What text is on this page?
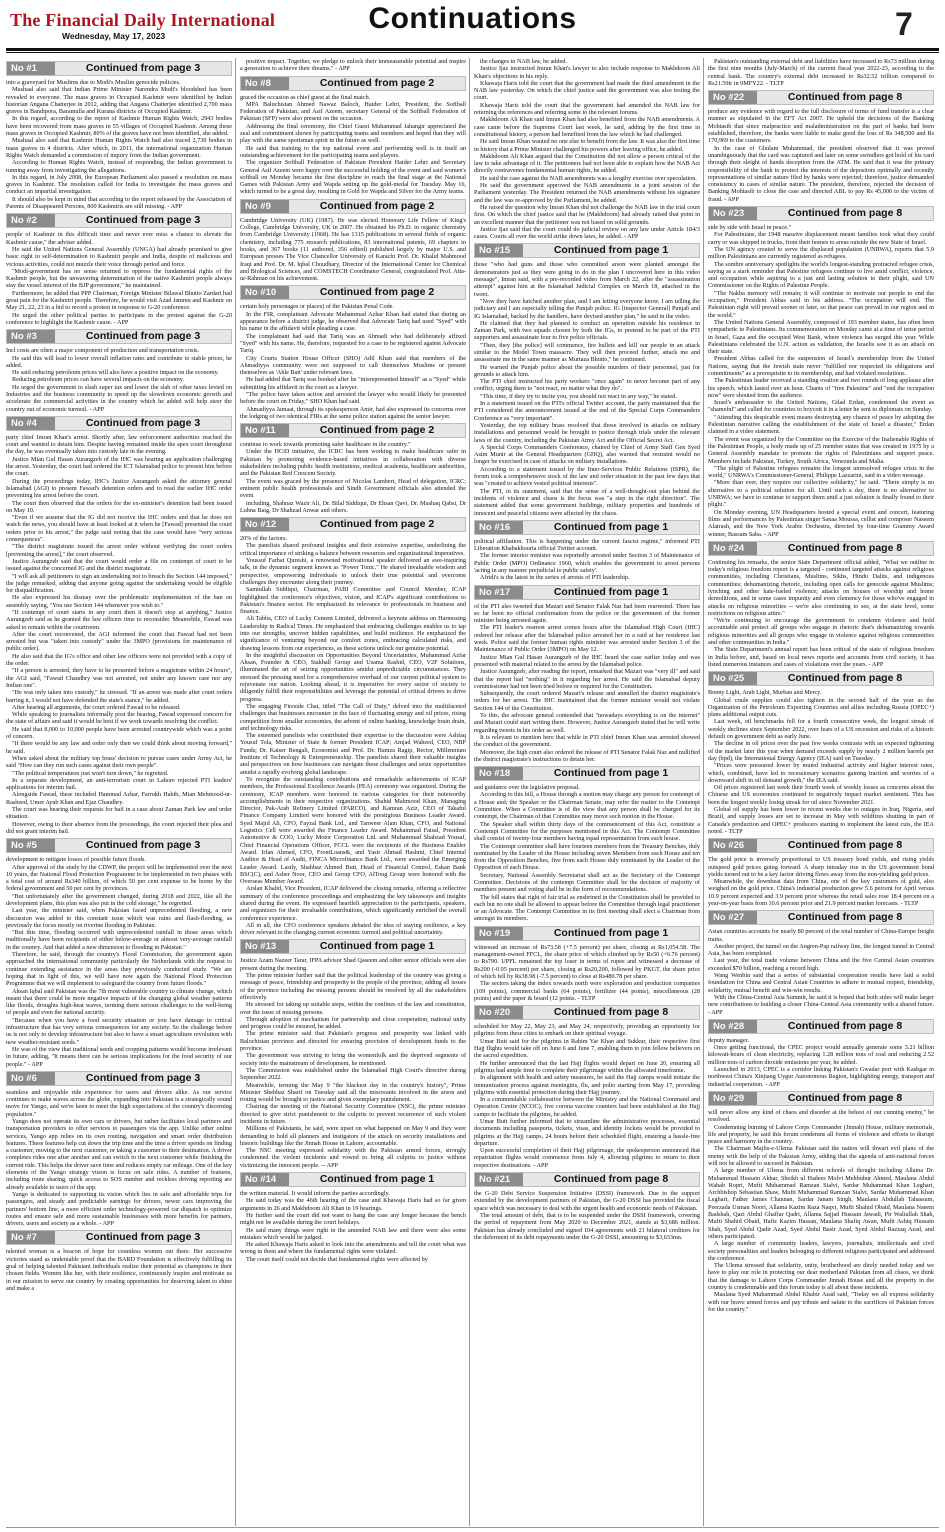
The Financial Daily International
Wednesday, May 17, 2023
Continuations	7
No #1	Continued from page 3

into a graveyard for Muslims due to Modi's Muslim genocide policies.

Mushaal also said that Indian Prime Minister Narendra Modi's bloodshed has been revealed to everyone. The mass graves in Occupied Kashmir were identified by Indian historian Angana Chatterjee in 2012, adding that Angana Chatterjee identified 2,700 mass graves in Bandipora, Baramulla and Kurana districts of Occupied Kashmir.

In this regard, according to the report of Kashmir Human Rights Watch, 2943 bodies have been recovered from mass graves in 55 villages of Occupied Kashmir. Among these mass graves in Occupied Kashmir, 80% of the graves have not been identified, she added.

Mushaal also said that Kashmir Human Rights Watch had also traced 2,730 bodies in mass graves in 4 districts. After which, in 2011, the international organization Human Rights Watch demanded a commission of inquiry from the Indian government.

According to Human Rights Watch, instead of responding, the Indian government is running away from investigating the allegations.

In this regard, in July 2008, the European Parliament also passed a resolution on mass graves in Kashmir. The resolution called for India to investigate the mass graves and conduct an impartial investigation.

It should also be kept in mind that according to the report released by the Association of Parents of Disappeared Persons, 800 Kashmiris are still missing. - APP

No #2	Continued from page 3

people of Kashmir in this difficult time and never ever miss a chance to elevate the Kashmir cause," the adviser added.

He said the United Nations General Assembly (UNGA) had already promised to give basic right to self-determination to Kashmiri people and India, despite of malicious and vicious activities, could not muzzle their voice through period and force.

"Modi-government has no sense returned to oppress the fundamental rights of the Kashmir people, but the unwavering determination of the native Kashmiri people always stay the vessel interest of the BJP government," he maintained.

Furthermore, he added that PPP Chairman, Foreign Minister Bilawal Bhutto Zardari had great pain for the Kashmiri people. Therefore, he would visit Azad Jammu and Kashmir on May 21, 22, 23 in a bid to record a protest in response to G-20 conference.

He urged the other political parties to participate in the protest against the G-20 conference to highlight the Kashmir cause. - APP

No #3	Continued from page 3

Incl costs are often a major component of production and transportation costs.

He said this will lead to lower overall inflation rates and contribute to stable prices, he added.

He said reducing petroleum prices will also have a positive impact on the economy.

Reducing petroleum prices can have several impacts on the economy.

He urged the government to slash super tax and lower the slab of other taxes levied on Industries and the business community to speed up the slowdown economic growth and accelerate the commercial activities in the country which he added will help steer the country out of economic turmoil. - APP

No #4	Continued from page 3

party chief Imran Khan's arrest. Shortly after, law enforcement authorities reached the court and wanted to detain him. Despite having remained inside the apex court throughout the day, he was eventually taken into custody late in the evening.

Justice Mian Gul Hasan Aurangzeb of the IHC was hearing an application challenging the arrest. Yesterday, the court had ordered the ICT Islamabad police to present him before the court.

During the proceedings today, IHC's Justice Aurangzeb asked the attorney general Islamabad (AGI) to present Fawad's detention orders and to read the earlier IHC order preventing his arrest before the court.

The court then observed that the orders for the ex-minister's detention had been issued on May 10.

"Even if we assume that the IG did not receive the IHC orders and that he does not watch the news, you should have at least looked at it when he [Fawad] presented the court orders prior to his arrest," the judge said noting that the case would have "very serious consequences".

"The district magistrate issued the arrest order without verifying the court orders [preventing the arrest]," the court observed.

Justice Aurangzeb said that the court would order a file on contempt of court to be issued against the concerned IG and the district magistrate.

"I will ask all petitioners to sign an undertaking not to breach the Section 144 imposed," the judge remarked, adding that anyone going against the undertaking would be eligible for disqualification.

He also expressed his dismay over the problematic implementation of the ban on assembly saying, "You use Section 144 whenever you wish to."

"If contempt of court starts in any court then it doesn't stop at anything," Justice Aurangzeb said as he granted the law officers time to reconsider. Meanwhile, Fawad was asked to remain within the courtroom.

After the court reconvened, the AGI informed the court that Fawad had not been arrested but was "taken into custody" under the 3MPO (provisions for maintenance of public order).

He also said that the IG's office and other law officers were not provided with a copy of the order.

"If a person is arrested, they have to be presented before a magistrate within 24 hours", the AGI said, "Fawad Chaudhry was not arrested, not under any known case nor any Indian one".

"He was only taken into custody," he stressed. "If an arrest was made after court orders barring it, I would not have defended the state's stance," he added.

After hearing all arguments, the court ordered Fawad to be released.

While speaking to journalists informally post the hearing, Fawad expressed concern for the state of affairs and said it would be best if we work towards resolving the conflict.

He said that 8,000 to 10,000 people have been arrested countrywide which was a point of concern.

"If there would be any law and order only then we could think about moving forward," he said.

When asked about the military top brass' decision to pursue cases under Army Act, he said "How can they run such cases against their own people".

"The political temperatures just won't turn down," he regretted.

In a separate development, an anti-terrorism court in Lahore rejected PTI leaders' applications for interim bail.

Alongside Fawad, these included Hammad Azhar, Farrukh Habib, Mian Mehmood-ur-Rasheed, Umer Ayub Khan and Ejaz Chaudhry.

The court was hearing their requests for bail in a case about Zaman Park law and order situation.

However, owing to their absence from the proceedings, the court rejected their plea and did not grant interim bail.

No #5	Continued from page 3

development to mitigate losses of possible future floods.

After approval of the study by the CDWP, the project will be implemented over the next 10 years, the National Flood Protection Programme to be implemented in two phases with a total cost of around Rs340 billion, of which 50 per cent expense to be borne by the federal government and 50 per cent by provinces.

"But unfortunately after the government changed, during 2018 and 2022, like all the development plans, this plan was also put in the cold storage," he regretted.

Last year, the minister said, when Pakistan faced unprecedented flooding, a new discussion was added to this constant issue which was rains and flash-flooding, as previously the focus mostly on riverine flooding in Pakistan.

"But this time, flooding occurred with unprecedented rainfall in those areas which traditionally have been recipients of either below-average or almost very-average rainfall in the country. And that added a new dimension to flooding in Pakistan."

Therefore, he said, through the country's Flood Commission, the government again approached the international community particularly the Netherlands with the request to continue extending assistance in the areas they previously conducted study. "We are hoping that in light of this, we will have now again the National Flood Protection Programme that we will implement to safeguard the country from future floods."

Ahsan Iqbal said Pakistan was the 7th most vulnerable country to climate change, which meant that there could be more negative impacts of the changing global weather patterns like floods, droughts high-heat waves, terming them serious challenges to the well-being of people and even the national security.

"Because when you have a food security situation or you have damage to critical infrastructure that has very serious consequences for any society. So the challenge before us is not only to develop infrastructure but also to have a smart agriculture revolution with new weather-resistant seeds."

He was of the view that traditional seeds and cropping patterns would become irrelevant in future, adding, "It means there can be serious implications for the food security of our people." - APP

No #6	Continued from page 3

seamless and enjoyable ride experience for users and drivers alike. As our service continues to make waves across the globe, expanding into Pakistan is a strategically sound move for Yango, and we're keen to meet the high expectations of the country's discerning population."

Yango does not operate its own cars or drivers, but rather facilitates local partners and transportation providers to offer services to passengers via the app. Unlike other online services, Yango app relies on its own routing, navigation and smart order distribution features. These features help cut down the trip time and the time a driver spends on finding a customer, moving to the next customer, or taking a customer to their destination. A driver completes rides one after another and can switch to the next customer while finishing the current ride. This helps the driver save time and reduces empty car mileage. One of the key elements of the Yango strategy vision is focus on safe rides. A number of features, including route sharing, quick access to SOS number and reckless driving reporting are already available to users of the app.

Yango is dedicated to supporting its vision which lies in safe and affordable trips for passengers, and steady and predictable earnings for drivers, newer cars improving the partners' bottom line, a more efficient order technology-powered car dispatch to optimize routes and ensure safe and more sustainable businesses with more benefits for partners, drivers, users and society as a whole. - APP

No #7	Continued from page 3

talented woman is a beacon of hope for countless women out there. Her successive victories stand as undeniable proof that the BARD Foundation is effectively fulfilling its goal of helping talented Pakistani individuals realize their potential as champions in their chosen fields. Women like her, with their resilience, continuously inspire and motivate us in our mission to serve our country by creating opportunities for deserving talent to shine and make a

positive impact. Together, we pledge to unlock their immeasurable potential and inspire a generation to achieve their dreams." - APP

No #8	Continued from page 2

graced the occasion as chief guest at the final match.

MPA Baluchistan Ahmed Nawaz Baloch, Haider Lehri, President, the Softball Federation of Pakistan, and Asif Azeem, secretary General of the Softball Federation of Pakistan (SFP) were also present on the occasion.

Addressing the final ceremony, the Chief Guest Muhammad Jahangir appreciated the zeal and commitment shown by participating teams and members and hoped that they will play with the same sportsman spirit in the future as well.

He said that training to the top national event and performing well is in itself an outstanding achievement for the participating teams and players.

The organizer Softball Federation of Pakistan President Haider Lehri and Secretary General Asif Azeem were happy over the successful holding of the event and said women's softball on Monday became the first discipline to reach the final stage at the National Games with Pakistan Army and Wapda setting up the gold-medal for Tuesday. May 16, which turned to be a great day, resulting in Gold for Wapda and Silver for the Army teams.

No #9	Continued from page 2

Cambridge University (UK) (1987). He was elected Honorary Life Fellow of King's College, Cambridge University, UK in 2007. He obtained his Ph.D. in organic chemistry from Cambridge University (1968). He has 1315 publications in several fields of organic chemistry, including 775 research publications, 83 international patents, 69 chapters in books, and 367 books (11 authored, 356 edited) published largely by major U.S. and European presses The Vice Chancellor University of Karachi Prof. Dr. Khalid Mahmood Iraqi and Prof. Dr. M. Iqbal Choudhary, Director of the International Center for Chemical and Biological Sciences, and COMSTECH Coordinator General, congratulated Prof. Atta-ur-Rahman on his achievement.

No #10	Continued from page 2

certain holy personages or places) of the Pakistan Penal Code.

In the FIR, complainant Advocate Muhammad Azhar Khan had stated that during an appearance before a district judge, he observed that Advocate Tariq had used "Syed" with his name in the affidavit while pleading a case.

The complainant had said that Tariq was an Ahmadi who had deliberately affixed "Syed" with his name. He, therefore, requested for a case to be registered against Advocate Tariq.

City Courts Station House Officer (SHO) Adil Khan said that members of the Ahmadiyya community were not supposed to call themselves Muslims or present themselves as 'Ahle Bait' under relevant laws.

He had added that Tariq was booked after he "misrepresented himself" as a "Syed" while submitting his affidavit in the court as a lawyer.

"The police have taken action and arrested the lawyer who would likely be presented before the court on Friday," SHO Khan had said.

Ahmadiyya Jamaat, through its spokesperson Amir, had also expressed its concerns over the lodging of two identical FIRs at the same police station against the senior lawyer.

No #11	Continued from page 2

continue to work towards promoting safer healthcare in the country."

Under the HCiD initiative, the ICRC has been working to make healthcare safer in Pakistan by promoting evidence-based initiatives in collaboration with diverse stakeholders including public health institutions, medical academia, healthcare authorities, and the Pakistan Red Crescent Society.

The event was graced by the presence of Nicolas Lambert, Head of delegation, ICRC; eminent public health professionals and Sindh Government officials also attended the event

including, Shahnaz Wazir Ali, Dr. Bilal Siddiqui, Dr Ehsan Qavi, Dr. Mushaq Qabsi, Dr Lubna Baig, Dr Shahzad Anwar and others.

No #12	Continued from page 2

20% of the factors.

The panelists shared profound insights and their extensive expertise, underlining the critical importance of striking a balance between resources and organizational imperatives.

Youssuf Farhat Qureshi, a renowned motivational speaker delivered an awe-inspiring talk, in the dynamic segment known as "Power Tonic." He shared invaluable wisdom and perspective, empowering individuals to unlock their true potential and overcome challenges they encounter along their journey.

Samiullah Siddiqui, Chairman, PABI Committee and Council Member, ICAP highlighted the conference's objectives, vision, and ICAP's significant contributions to Pakistan's finance sector. He emphasized its relevance to professionals in business and finance.

Ali Tabba, CEO of Lucky Cement Limited, delivered a keynote address on Harnessing Leadership in Radical Times. He emphasized that embracing challenges enables us to tap into our strengths, uncover hidden capabilities, and build resilience. He emphasized the significance of venturing beyond our comfort zones, embracing calculated risks, and drawing lessons from our experiences, as these actions unlock our genuine potential.

In the insightful discussion on Opportunities Beyond Uncertainties, Muhammad Azfar Ahsan, Founder & CEO, Stakhall Group and Usama Rashid, CEO, V2F Solutions, illuminated the art of seizing opportunities amidst unpredictable circumstances. They stressed the pressing need for a comprehensive overhaul of our current political system to rejuvenate our nation. Looking ahead, it is imperative for every sector of society to diligently fulfill their responsibilities and leverage the potential of critical drivers to drive progress.

The engaging Fireside Chat, titled "The Call of Duty," delved into the multifaceted challenges that businesses encounter in the face of fluctuating energy and oil prices, rising competition from smaller economies, the advent of online banking, knowledge brain drain, and technology risks.

The esteemed panelists who contributed their expertise to the discussion were Ashfaq Yousuf Tola, Minister of State & former President ICAP; Amjad Waheed, CEO, NBP Funds; Dr. Kaiser Bengali, Economist and Prof. Dr. Hamza Ragip, Rector, Millennium Institute of Technology & Entrepreneurship. The panelists shared their valuable insights and perspectives on how businesses can navigate these challenges and seize opportunities amidst a rapidly evolving global landscape.

To recognize the outstanding contributions and remarkable achievements of ICAP members, the Professional Excellence Awards (PEA) ceremony was organized. During the ceremony, ICAP members were honored in various categories for their noteworthy accomplishments in their respective organizations. Shahid Mahmood Khan, Managing Director, Pak-Arab Refinery Limited (PARCO), and Kamran Aziz, CEO of Takaful Finance Company Limited were honored with the prestigious Business Leader Award. Syed Majid Ali, CFO, Fayzal Bank Ltd., and Tanweer Alam Khan, CFO, and National Logistics Cell were awarded the Finance Leader Award. Muhammad Faisal, President Automotive & COO, Lucky Motor Corporation Ltd. and Muhammad Shahzad Yousaf, Chief Financial Operations Officer, FCCL were the recipients of the Business Enabler Award. Irfan Ahmed, CFO, FrontLoans&, and Yasir Ahmad Hashmi, Chief Internal Auditor & Head of Audit, FINCA Microfinance Bank Ltd., were awarded the Emerging Leader Award. Lastly, Shahbaz Ahmed Butt, Head of Financial Control, Eskan Bank BSC(C), and Asher Noor, CEO and Group CFO, AlToug Group were honored with the Overseas Member Award.

Arslan Khalid, Vice President, ICAP delivered the closing remarks, offering a reflective summary of the conference proceedings and emphasizing the key takeaways and insights shared during the event. He expressed heartfelt appreciation to the participants, speakers, and organizers for their invaluable contributions, which significantly enriched the overall conference experience.

All in all, the CFO conference speakers debated the idea of staying resilience, a key driver relevant to the changing current economic turmoil and political uncertainty.

No #13	Continued from page 1

Justice Azam Nazeer Tarar, IFPA advisor Shad Qaseem and other senior officials were also present during the meeting.

The prime minister further said that the political leadership of the country was giving a message of peace, friendship and prosperity to the people of the province, adding all issues of the province including the missing persons should be resolved by all the stakeholders effectively.

He stressed for taking up suitable steps, within the confines of the law and constitution, over the issue of missing persons.

Through adoption of mechanism for partnership and close cooperation, national unity and progress could be ensured, he added.

The prime minister said that Pakistan's progress and prosperity was linked with Balochistan province and directed for ensuring provision of development funds to the province.

The government was striving to bring the womenfolk and the deprived segments of society into the mainstream of development, he mentioned.

The Commission was established under the Islamabad High Court's directive during September 2022.

Meanwhile, terming the May 9 "the blackest day in the country's history", Prime Minister Shehbaz Sharif on Tuesday said all the miscreants involved in the arson and rioting would be brought to justice and given exemplary punishment.

Chairing the meeting of the National Security Committee (NSC), the prime minister directed to give strict punishment to the culprits to prevent recurrence of such violent incidents in future.

Millions of Pakistanis, he said, were upset on what happened on May 9 and they were demanding to hold all planners and instigators of the attack on security installations and historic buildings like the Jinnah House in Lahore, accountable.

The NSC meeting expressed solidarity with the Pakistan armed forces, strongly condemned the violent incidents and vowed to bring all culprits to justice without victimizing the innocent people. -- APP

No #14	Continued from page 1

the written material. It would inform the parties accordingly.

He said today was the 46th hearing of the case and Khawaja Haris had so far given arguments in 26 and Makhdoom Ali Khan in 19 hearings.

He further said the court did not want to hang the case any longer because the bench might not be available during the court holidays.

He said many things were right in the amended NAB law and there were also some mistakes which would be judged.

He asked Khawaja Haris asked to look into the amendments and tell the court what was wrong in them and where the fundamental rights were violated.

The court itself could not decide that fundamental rights were affected by

the changes in NAB law, he added.

Justice Ijaz instructed Imran Khan's lawyer to also include response to Makhdoom Ali Khan's objections in his reply.

Khawaja Haris told the court that the government had made the third amendment in the NAB law yesterday. On which the chief justice said the government was also testing the court.

Khawaja Haris told the court that the government had amended the NAB law for returning the references and referring some to the relevant forums.

Makhdoom Ali Khan said Imran Khan had also benefited from the NAB amendments. A case came before the Supreme Court last week, he said, adding by the first time in constitutional history, a person had benefited from the law which he had challenged.

He said Imran Khan wanted no one else to benefit from the law. It was also the first time in history that a Prime Minister challenged his powers after leaving office, he added.

Makhdoom Ali Khan argued that the Constitution did not allow a person critical of the law to take advantage of it. The petitioners had not been able to explain how the NAB Act directly contravenes fundamental human rights, he added.

He said the case against the NAB amendments was a lengthy exercise over speculation.

He said the government approved the NAB amendments in a joint session of the Parliament yesterday. The President returned the NAB amendments without his signature and the law was re-approved by the Parliament, he added.

He raised the question why Imran Khan did not challenge the NAB law in the trial court first. On which the chief justice said that he (Makhdoom) had already raised that point in an excellent manner that the petitioner was not based on solid grounds.

Justice Ijaz said that the court could do judicial review on any law under Article 184/3 cases. Courts all over the world strike down laws, he added. - APP

No #15	Continued from page 1

those "who had guns and those who committed arson were planted amongst the demonstrators just as they were going to do in the plan I uncovered here in this video message", Imran said, with a pre-recorded video from March 22, after the "assassination attempt" against him at the Islamabad Judicial Complex on March 18, attached in the tweet.

"Now they have hatched another plan, and I am letting everyone know. I am telling the judiciary and I am especially telling the Punjab police. IG [inspector General] Punjab and IG Islamabad, backed by the handlers, have devised another plan," he said in the video.

He claimed that they had planned to conduct an operation outside his residence in Zaman Park, with two squads chosen by both the IGs, to pretend to be part of the PTI supporters and assassinate four to five police officials.

"Then, they [the police] will commence, fire bullets and kill our people in an attack similar to the Model Town massacre. They will then proceed further, attack me and assassinate me in the same manner as Murtaza Bhutto," he continued.

He warned the Punjab police about the possible murders of their personnel, just for grounds to attack him.

The PTI chief instructed his party workers "once again" to never become part of any conflict, urging them to "not react, no matter what they do".

"This time, if they try to incite you, you should not react in any way," he stated.

In a statement issued on the PTI's official Twitter account, the party maintained that the PTI considered the announcement issued at the end of the Special Corps Commanders Conference as "very important".

Yesterday, the top military brass resolved that those involved in attacks on military installations and personnel would be brought to justice through trials under the relevant laws of the country, including the Pakistan Army Act and the Official Secret Act.

A Special Corps Commanders Conference, chaired by Chief of Army Staff Gen Syed Asim Munir at the General Headquarters (GHQ), also warned that restraint would no longer be exercised in case of attacks on military installations.

According to a statement issued by the Inter-Services Public Relations (ISPR), the forum took a comprehensive stock of the law and order situation in the past few days that was "created to achieve vested political interests".

The PTI, in its statement, said that the sense of a well-thought-out plan behind the incidents of violence and chaos is the focus was "a step in the right direction". The statement added that some government buildings, military properties and hundreds of innocent and peaceful citizens were affected by the chaos.

No #16	Continued from page 1

political affiliation. This is happening under the current fascist regime," informed PTI Liberation Khabakhouria official Twitter account.

The former interior minister was reportedly arrested under Section 3 of Maintenance of Public Order (MPO) Ordinance 1960, which enables the government to arrest persons 'acting in any manner prejudicial to public safety'.

Afridi's is the latest in the series of arrests of PTI leadership.

No #17	Continued from page 1

of the PTI also tweeted that Mazari and Senator Falak Naz had been rearrested. There has so far been no official confirmation from the police or the government of the former minister being arrested again.

The PTI leader's rearrest arrest comes hours after the Islamabad High Court (IHC) ordered her release after the Islamabad police arrested her in a raid at her residence last week. Police said the former human rights minister was arrested under Section 3 of the Maintenance of Public Order (3MPO) on May 12.

Justice Mian Gul Hasan Aurangzeb of the IHC heard the case earlier today and was presented with material related to the arrest by the Islamabad police.

Justice Aurangzeb, after reading the report, remarked that Mazari was "very ill" and said that the report had "nothing" in it regarding her arrest. He said the Islamabad deputy commissioner had not been tried before or required for the Constitution.

Subsequently, the court ordered Mazari's release and annulled the district magistrate's orders for her arrest. The IHC maintained that the former minister would not violate Section 144 of the Constitution.

To this, the advocate general contended that "nowadays everything is on the internet" and Mazari could start writing there. However, Justice Aurangzeb stated that he will write regarding tweets in his order as well.

It is relevant to mention here that while in PTI chief Imran Khan was arrested showed the conduct of the government.

Moreover, the high court also ordered the release of PTI Senator Falak Naz and nullified the district magistrate's instructions to detain her.

No #18	Continued from page 1

and guidance over the legislative proposal.

According to this bill, a House through a motion may charge any person for contempt of a House and; the Speaker or the Chairman Senate, may refer the matter to the Contempt Committee. When a Committee is of the view that any person shall be charged for its contempt, the Chairman of that Committee may move such motion in the House.

The Speaker shall within thirty days of the commencement of this Act, constitute a Contempt Committee for the purposes mentioned in this Act. The Contempt Committee shall consist of twenty-four members having equal representation from each house.

The Contempt committee shall have fourteen members from the Treasury Benches, duly nominated by the Leader of the House including seven Members from each House and ten from the Opposition Benches, five from each House duly nominated by the Leader of the Opposition of each House.

Secretary, National Assembly Secretariat shall act as the Secretary of the Contempt Committee. Decisions of the contempt Committee shall be the decision of majority of members present and voting shall be in the form of recommendations.

The bill states that right of fair trial as enshrined in the Constitution shall be provided to each but no one shall be allowed to appear before the Committee through legal practitioner or an Advocate. The Contempt Committee in its first meeting shall elect a Chairman from amongst its members.

No #19	Continued from page 1

witnessed an increase of Rs73.58 (+7.5 percent) per share, closing at Rs1,054.58. The management-owned FFCL, the share price of which climbed up by Rs50 (+6.76 percent) to Rs790. UPFL remained the top loser in terms of rupee and witnessed a decrease of Rs200 (-0.95 percent) per share, closing at Rs20,200, followed by PKGT, the share price of which fell by Rs38.98 (-7.5 percent) to close at Rs480.78 per share.

The sectors taking the index towards north were exploration and production companies (109 points), commercial banks (64 points), fertilizer (44 points), miscellaneous (28 points) and the paper & board (12 points. - TLTP

No #20	Continued from page 8

scheduled for May 22, May 23, and May 24, respectively, providing an opportunity for pilgrims from these cities to embark on their spiritual voyage.

Umar Butt said for the pilgrims in Rahim Yar Khan and Sukkur, their respective first Hajj flights would take off on June 6 and June 7, enabling them to join fellow believers on the sacred expedition.

He further announced that the last Hajj flights would depart on June 20, ensuring all pilgrims had ample time to complete their pilgrimage within the allocated timeframe.

In alignment with health and safety measures, he said the Hajj camps would initiate the immunization process against meningitis, flu, and polio starting from May 17, providing pilgrims with essential protection during their Hajj journey.

In a commendable collaborative between the Ministry and the National Command and Operation Centre (NCOC), five corona vaccine counters had been established at the Hajj camps to facilitate the pilgrims, he added.

Umar Butt further informed that to streamline the administrative processes, essential documents including passports, tickets, visas, and identity lockets would be provided to pilgrims at the Hajj camps, 24 hours before their scheduled flight, ensuring a hassle-free departure.

Upon successful completion of their Hajj pilgrimage, the spokesperson announced that repatriation flights would commence from July 4, allowing pilgrims to return to their respective destinations. - APP

No #21	Continued from page 8

the G-20 Debt Service Suspension Initiative (DSSI) framework. Due to the support extended by the development partners of Pakistan, the G-20 DSSI has provided the fiscal space which was necessary to deal with the urgent health and economic needs of Pakistan.

The total amount of debt, that is to be suspended under the DSSI framework, covering the period of repayment from May 2020 to December 2021, stands at $3,686 million. Pakistan has already concluded and signed 104 agreements with 21 bilateral creditors for the deferment of its debt repayments under the G-20 DSSI, amounting to $3,633mn.

Pakistan's outstanding external debt and liabilities have increased to Rs73 million during the first nine months (July-March) of the current fiscal year 2022-23, according to the central bank. The country's external debt increased to Rs32.52 trillion compared to Rs21.59tr in 9MFY22. - TLTP

No #22	Continued from page 8

produce any evidence with regard to the full disclosure of terms of fund transfer is a clear manner as stipulated in the EFT Act 2007. He upheld the decisions of the Banking Mohtasib that since malpractice and maladministration on the part of banks had been established, therefore, the banks were liable to make good the loss of Rs 348,500 and Rs 170,969 to the customers.

In the case of Ghulam Muhammad, the president observed that it was proved unambiguously that the card was captured and later on some swindlers got hold of his card through their sleight of hands deception from the ATM. He said that it was the primary responsibility of the bank to protect the interests of the depositors optimally and recently representations of similar nature filed by banks were rejected; therefore, justice demanded consistency in cases of similar nature. The president, therefore, rejected the decision of Banking Mohtasib to close the case and directed ABL to pay Rs 45,000 to the victim of fraud. - APP

No #23	Continued from page 8

side by side with Israel in peace."

For Palestinians, the 1948 massive displacement meant families took what they could carry or was shipped in trucks, from their homes to areas outside the new State of Israel.

The UN agency created to serve the displaced population (UNRWA), reports that 5.9 million Palestinians are currently registered as refugees.

The sombre anniversary spotlights the world's longest-standing protracted refugee crisis, saying as a stark reminder that Palestine refugees continue to live amid conflict, violence, and occupation while aspiring to a just and lasting solution to their plight, said UN Commissioner on the Rights of Palestine People.

"The Nakba memory will remain; it will continue to motivate our people to end the occupation," President Abbas said in his address. "The occupation will end. The Palestinian right will prevail sooner or later, so that peace can prevail in our region and in the world."

The United Nations General Assembly, composed of 193 member states, has often been sympathetic to Palestinians. Its commemoration on Monday came at a time of tense period in Israel, Gaza and the occupied West Bank, where violence has surged this year. While Palestinians celebrated the U.N. action as validation, the Israelis saw it as an attack on their state.

President Abbas called for the suspension of Israel's membership from the United Nations, saying that the Jewish state never "fulfilled nor respected its obligations and commitments" as a prerequisite to its membership, and had violated resolutions.

The Palestinian leader received a standing ovation and two rounds of long applause after his speech, which lasted over an hour. Chants of "free Palestine" and "end the occupation now" were shouted from the audience.

Israel's ambassador to the United Nations, Gilad Erdan, condemned the event as "shameful" and called for countries to boycott it in a letter he sent to diplomats on Sunday.

"Attending this despicable event means destroying any chance of peace by adopting the Palestinian narrative calling the establishment of the state of Israel a disaster," Erdan claimed in a video statement.

The event was organized by the Committee on the Exercise of the Inalienable Rights of the Palestinian People, a body made up of 25 member states that was created in 1975 by a General Assembly mandate to promote the rights of Palestinians and support peace. Members include Pakistan, Turkey, South Africa, Venezuela and Malta.

"The plight of Palestine refugees remains the longest unresolved refugee crisis in the world," UNRWA's Commissioner-General, Philippe Lazzarini, said in a video message.

"More than ever, they require our collective solidarity," he said. "There simply is no alternative to a political solution for all. Until such a day, there is no alternative to UNRWA; we have to continue to support them until a just solution is finally found to their plight."

On Monday evening, UN Headquarters hosted a special event and concert, featuring films and performances by Palestinian singer Sanaa Moussa, cellist and composer Naseem Alatrash, and the New York Arabic Orchestra, directed by four-time Grammy Award winner, Bassam Saba. - APP

No #24	Continued from page 8

Continuing his remarks, the senior State Department official added, "What we outline in today's religious freedom report is a targeted - continued targeted attacks against religious communities, including Christians, Muslims, Sikhs, Hindu Dalits, and indigenous communities; dehumanizing rhetoric, including open calls for genocide against Muslims; lynching and other hate-fueled violence; attacks on houses of worship and home demolitions, and in some cases impunity and even clemency for those who've engaged in attacks on religious minorities -- we're also continuing to see, at the state level, some restrictions on religious attire."

"We're continuing to encourage the government to condemn violence and hold accountable and protect all groups who engage in rhetoric that's dehumanizing towards religious minorities and all groups who engage in violence against religious communities and other communities in India."

The State Department's annual report has been critical of the state of religious freedom in India before, and, based on local news reports and accounts from civil society, it has listed numerous instances and cases of violations over the years. - APP

No #25	Continued from page 8

Bonny Light, Arab Light, Murban and Mercy.

Global crude supplies could also tighten in the second half of the year as the Organization of the Petroleum Exporting Countries and allies including Russia (OPEC+) plans additional output cuts.

Last week, oil benchmarks fell for a fourth consecutive week, the longest streak of weekly declines since September 2022, over fears of a US recession and risks of a historic default on government debt as early June.

The decline in oil prices over the past few weeks contrasts with an expected tightening of the market later this year when demand exceeds supply by nearly 2 million barrels per day (bpd), the International Energy Agency (IEA) said on Tuesday.

"Prices were pressured lower by muted industrial activity and higher interest rates, which, combined, have led to recessionary scenarios gaining traction and worries of a downward shift in oil demand growth," the IEA said.

Oil prices registered last week their fourth week of weekly losses as concerns about the Chinese and US economies continued to negatively impact market sentiment. This has been the longest weekly losing streak for oil since November 2021.

Global oil supply has been lower in recent weeks due to outages in Iraq, Nigeria, and Brazil, and supply losses are set to increase in May with wildfires shutting in part of Canada's production and OPEC+ producers starting to implement the latest cuts, the IEA noted. - TLTP

No #26	Continued from page 8

The gold price is inversely proportional to US treasury bond yields, and rising yields outspeed gold prices going forward. A sharp intraday rise in the US government bond yields turned out to be a key factor driving flows away from the non-yielding gold prices.

Meanwhile, the downbeat data from China, one of the key customers of gold, also weighed on the gold price. China's industrial production grew 5.6 percent for April versus 10.9 percent expected and 3.9 percent prior whereas the retail sales rose 18.4 percent on a year-on-year basis from 10.6 percent prior and 21.9 percent market forecasts. - TLTP

No #27	Continued from page 8

Asian countries accounts for nearly 80 percent of the total number of China-Europe freight trains.

Another project, the tunnel on the Angren-Pap railway line, the longest tunnel in Central Asia, has been completed.

Last year, the total trade volume between China and the five Central Asian countries exceeded $70 billion, reaching a record high.

Wang Wenbin said that a series of substantial cooperation results have laid a solid foundation for China and Central Asian Countries to adhere to mutual respect, friendship, solidarity, mutual benefit and win-win results.

With the China-Central Asia Summit, he said it is hoped that both sides will make larger new contributions to building a closer China-Central Asia community with a shared future. - APP

No #28	Continued from page 8

deputy manager.

Once getting functional, the CPEC project would annually generate some 3.21 billion kilowatt-hours of clean electricity, replacing 1.28 million tons of coal and reducing 2.52 million tons of carbon dioxide emissions per year, he added.

Launched in 2013, CPEC is a corridor linking Pakistan's Gwadar port with Kashgar in northwest China's Xinjiang Uygur Autonomous Region, highlighting energy, transport and industrial cooperation. - APP

No #29	Continued from page 8

will never allow any kind of chaos and disorder at the behest of our cunning enemy," he resolved.

Condemning burning of Lahore Corps Commander (Jinnah) House, military memorials, life and property, he said this forum condemns all forms of violence and efforts to disrupt peace and harmony in the country.

The Chairman Majlis-e-Ulema Pakistan said the nation will thwart evil plans of the enemy with the help of the Pakistan Army, adding that the agenda of anti-national forces will not be allowed to succeed in Pakistan.

A large number of Ulema from different schools of thought including Allama Dr. Muhammad Hussain Akbar, Sheikh ul Hadees Molvi Mehbubur Ahmed, Maulana Abdul Wahab Ropri, Mufti Muhammad Ramzan Sialvi, Sardar Muhammad Khan Leghari, Archbishop Sebastian Shaw, Mufti Muhammad Ramzan Sialvi, Sardar Muhammad Khan Leghari, Father James Channan, Sardar Janam Singh, Maulana Abdullah Tahassum, Peerzada Usman Noori, Allama Kazim Raza Naqvi, Mufti Shahid Obaid, Maulana Naeem Badshah, Qazi Abdul Ghaffar Qadri, Allama Sajjad Hussain Jawadi, Pir Waliullah Shah, Mufti Shahid Obaid, Hafiz Kazim Hassan, Maulana Shafiq Awan, Mufti Ashiq Hussain Shah, Syed Abdul Qadir Azad, Syed Abdul Basir Azad, Syed Abdul Razzaq Azad, and others participated.

A large number of community leaders, lawyers, journalists, intellectuals and civil society personalities and leaders belonging to different religions participated and addressed the conference.

The Ulema stressed that solidarity, unity, brotherhood are direly needed today and we have to play our role in protecting our dear motherland Pakistan from all chaos, we think that the damage to Lahore Corps Commander Jinnah House and all the property in the country is condemnable and this forum today is all about these incidents.

Maulana Syed Muhammad Abdul Khabir Azad said, "Today we all express solidarity with our brave armed forces and pay tribute and salute to the sacrifices of Pakistan forces for the country."
